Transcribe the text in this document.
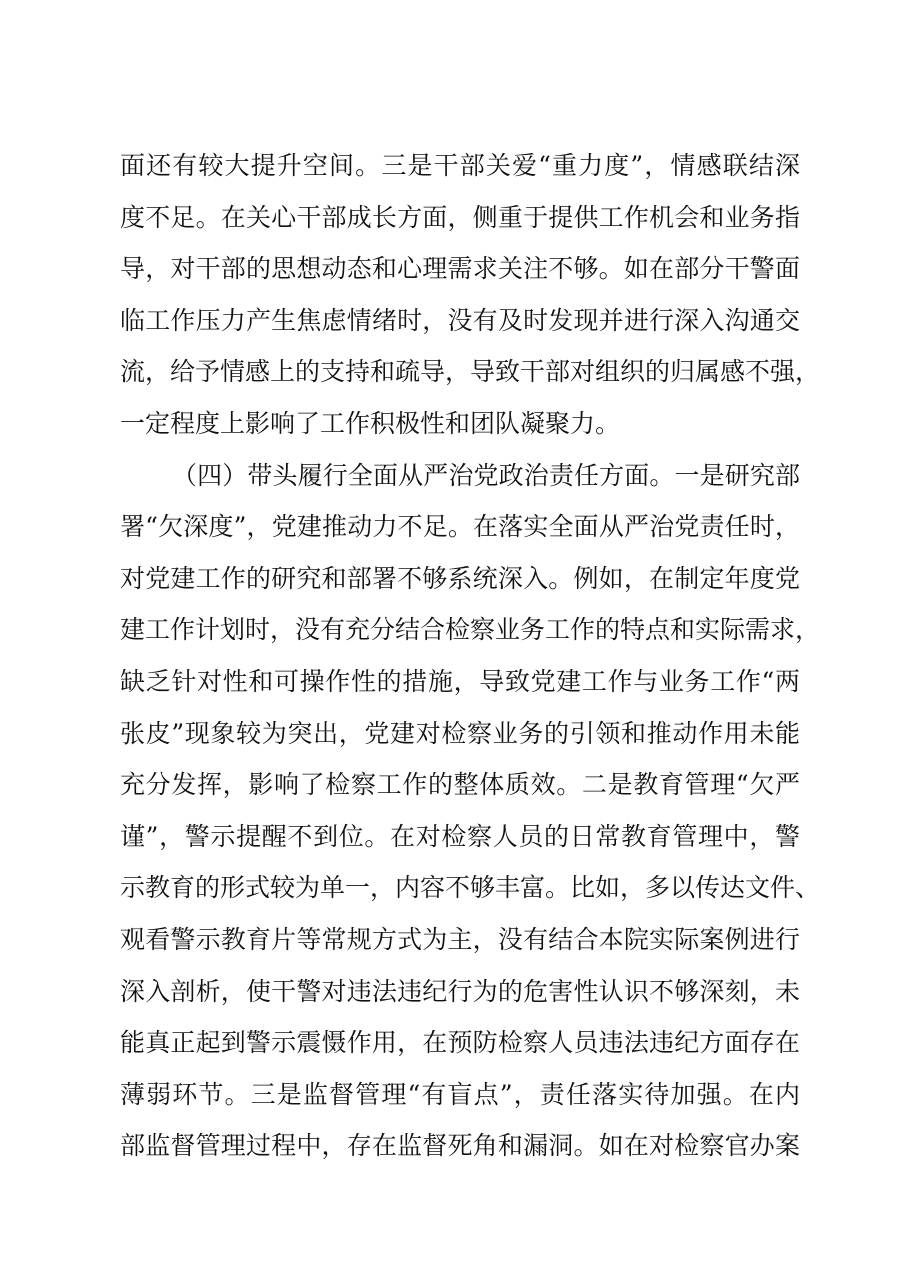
面还有较大提升空间。三是干部关爱“重力度”，情感联结深
度不足。在关心干部成长方面，侧重于提供工作机会和业务指
导，对干部的思想动态和心理需求关注不够。如在部分干警面
临工作压力产生焦虑情绪时，没有及时发现并进行深入沟通交
流，给予情感上的支持和疏导，导致干部对组织的归属感不强，
一定程度上影响了工作积极性和团队凝聚力。
（四）带头履行全面从严治党政治责任方面。一是研究部
署“欠深度”，党建推动力不足。在落实全面从严治党责任时，
对党建工作的研究和部署不够系统深入。例如，在制定年度党
建工作计划时，没有充分结合检察业务工作的特点和实际需求，
缺乏针对性和可操作性的措施，导致党建工作与业务工作“两
张皮”现象较为突出，党建对检察业务的引领和推动作用未能
充分发挥，影响了检察工作的整体质效。二是教育管理“欠严
谨”，警示提醒不到位。在对检察人员的日常教育管理中，警
示教育的形式较为单一，内容不够丰富。比如，多以传达文件、
观看警示教育片等常规方式为主，没有结合本院实际案例进行
深入剖析，使干警对违法违纪行为的危害性认识不够深刻，未
能真正起到警示震慑作用，在预防检察人员违法违纪方面存在
薄弱环节。三是监督管理“有盲点”，责任落实待加强。在内
部监督管理过程中，存在监督死角和漏洞。如在对检察官办案
